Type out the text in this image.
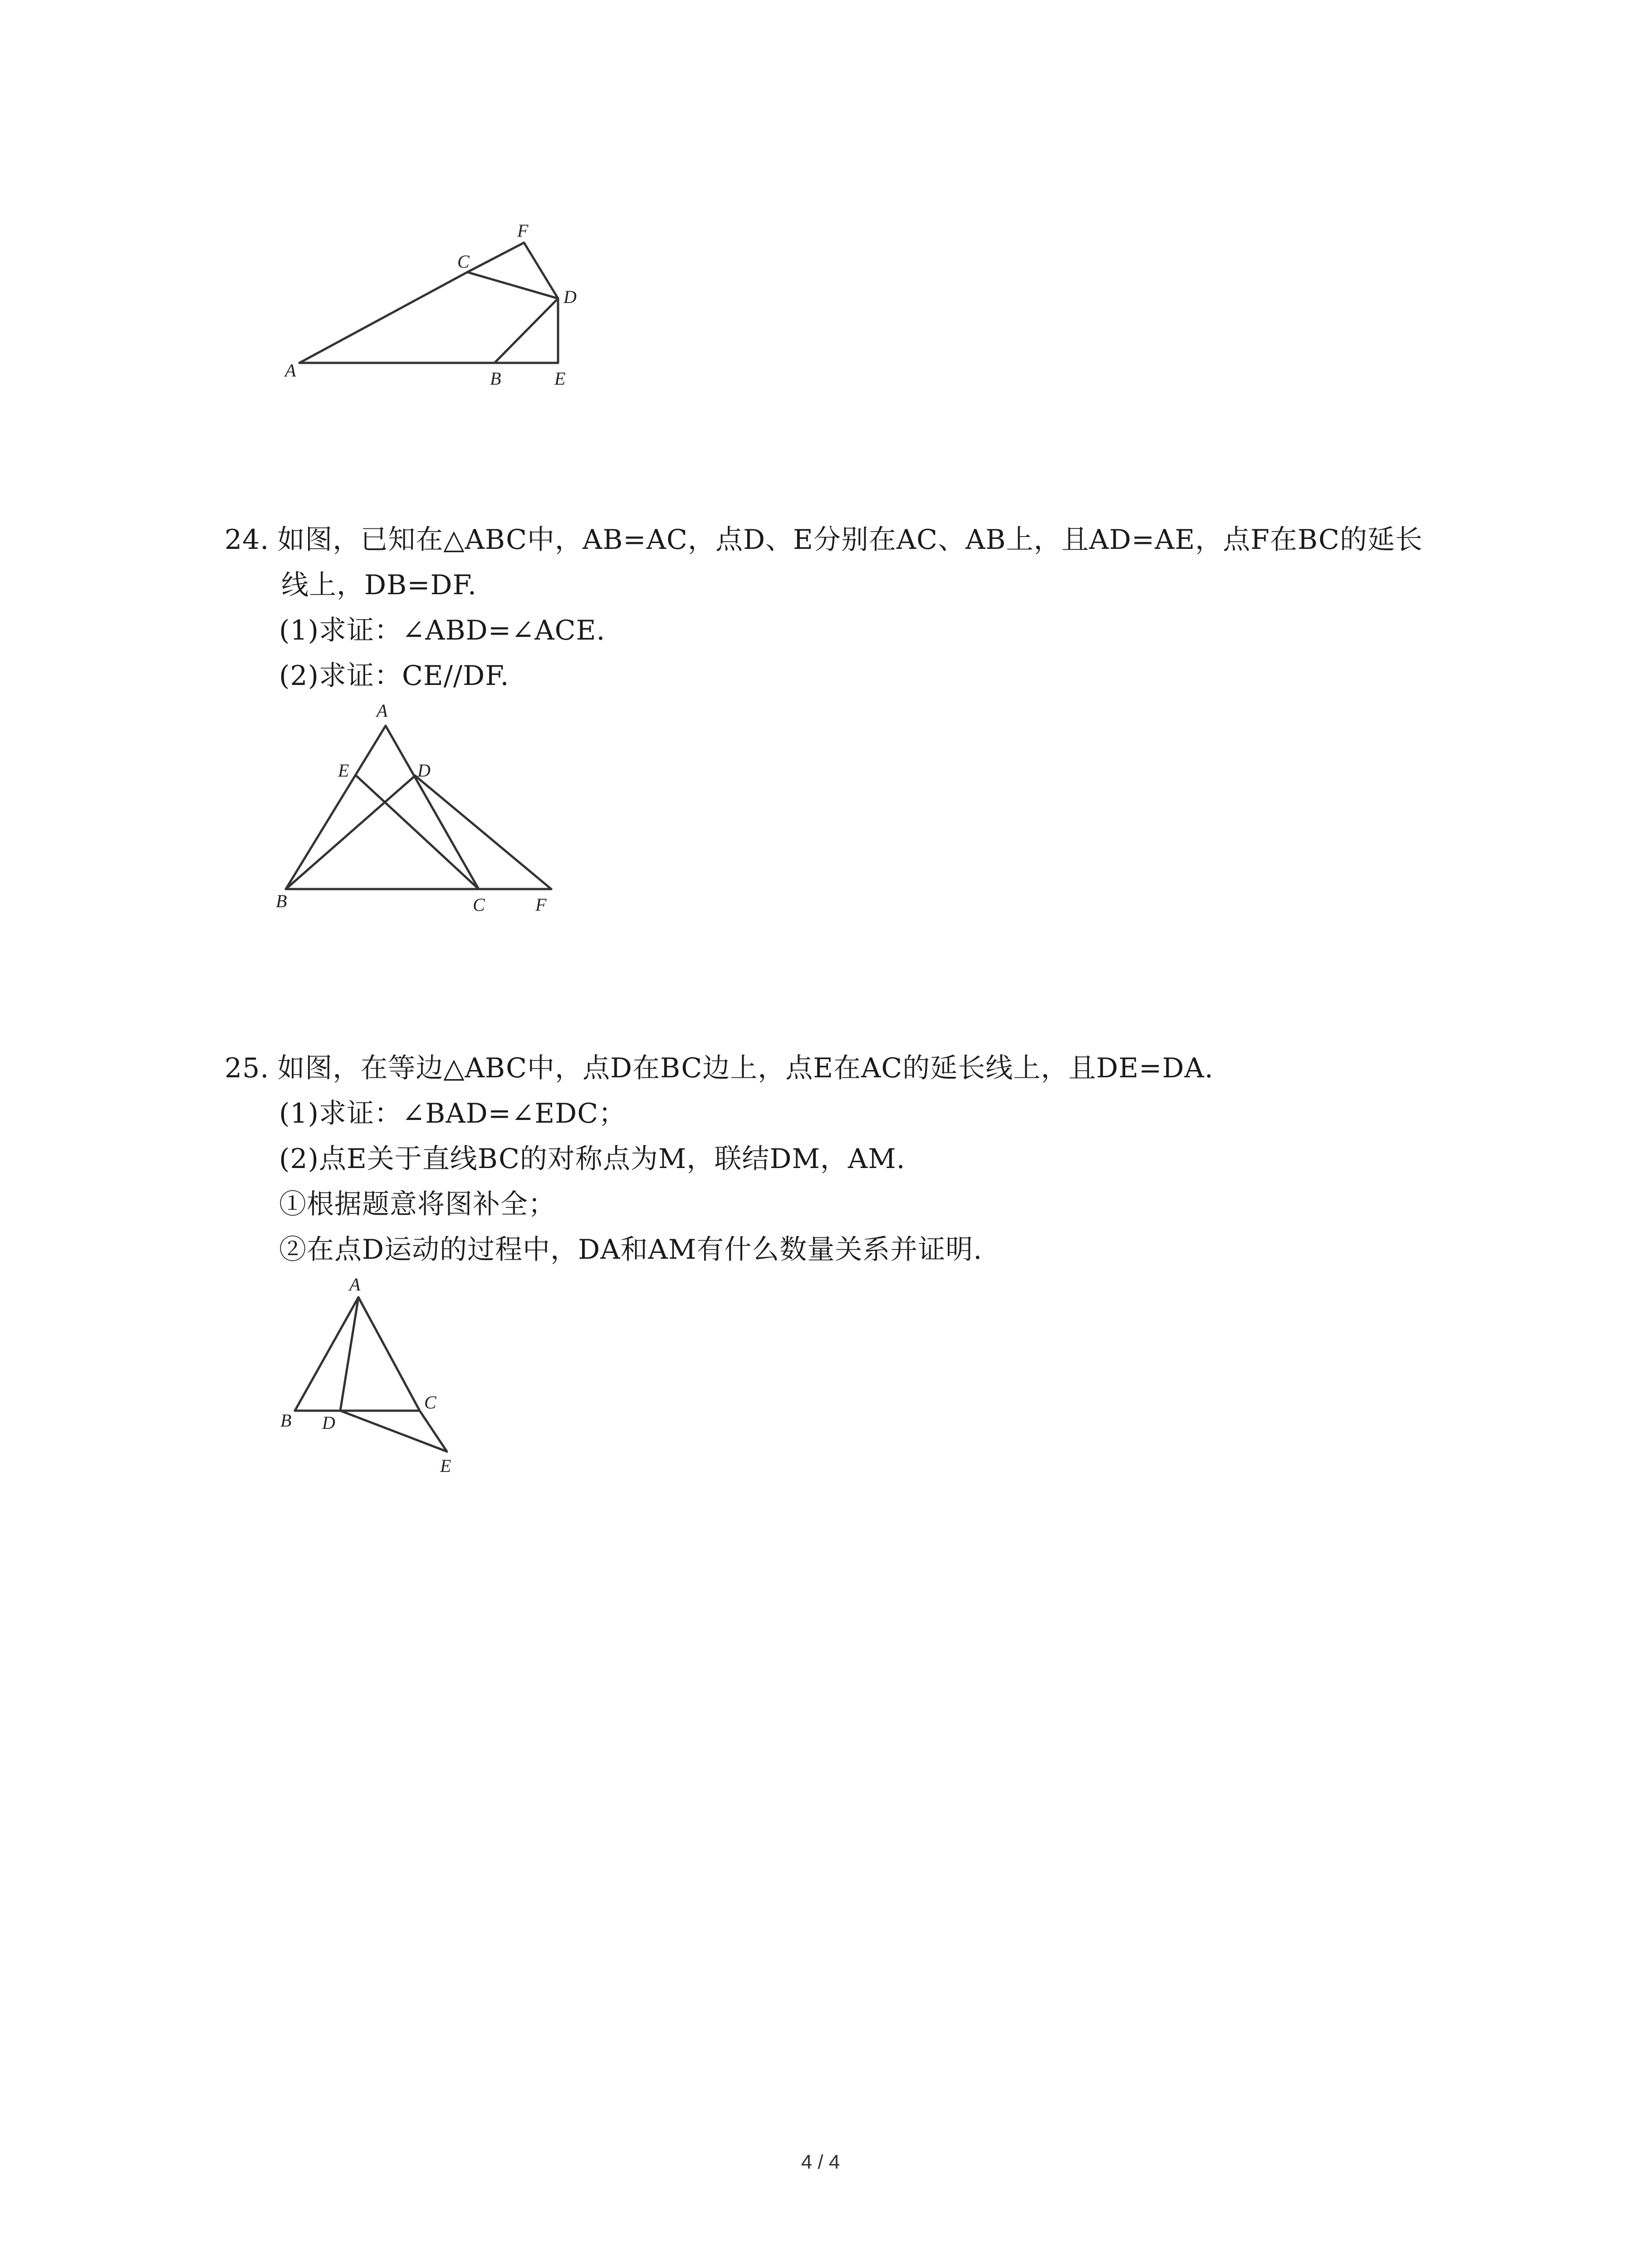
A	B	E
C
F
D
24. 如图，已知在△ABC中，AB=AC，点D、E分别在AC、AB上，且AD=AE，点F在BC的延长
线上，DB=DF.
(1)求证：∠ABD=∠ACE.
(2)求证：CE//DF.
A
E	D
B	C	F
25. 如图，在等边△ABC中，点D在BC边上，点E在AC的延长线上，且DE=DA.
(1)求证：∠BAD=∠EDC；
(2)点E关于直线BC的对称点为M，联结DM，AM.
①根据题意将图补全；
②在点D运动的过程中，DA和AM有什么数量关系并证明.
A
B D
C
E
4 / 4
